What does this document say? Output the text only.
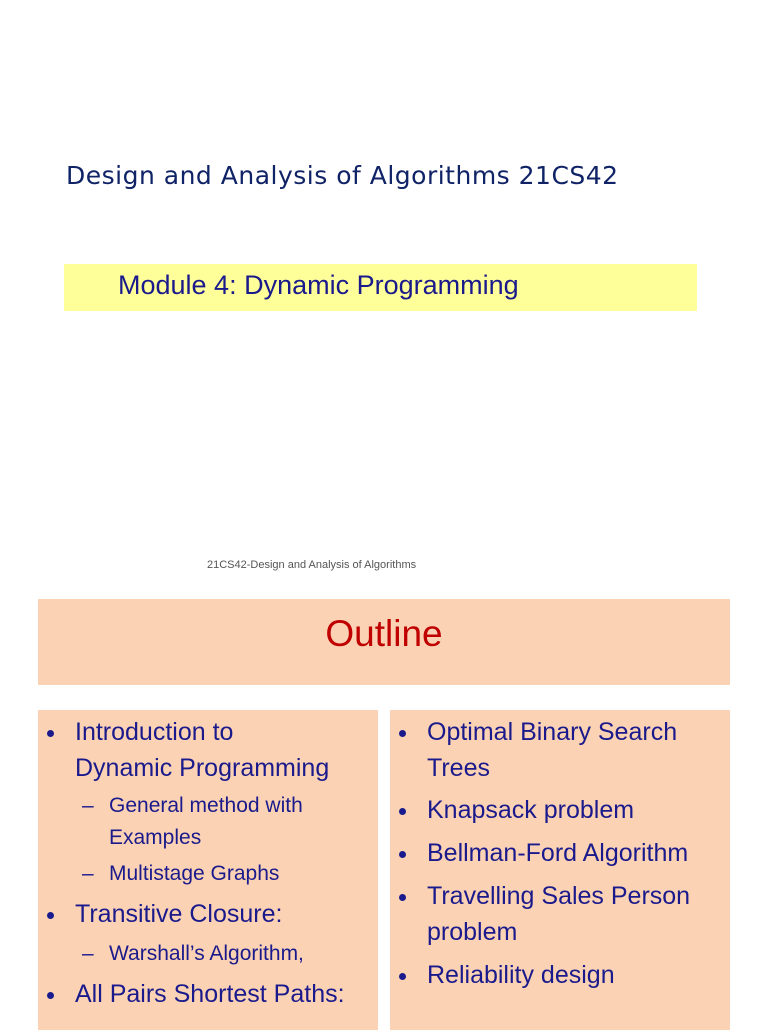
Design and Analysis of Algorithms 21CS42
Module 4: Dynamic Programming
21CS42-Design and Analysis of Algorithms
Outline
Introduction to
Dynamic Programming
– General method with
Examples
– Multistage Graphs
Transitive Closure:
– Warshall’s Algorithm,
All Pairs Shortest Paths:
Optimal Binary Search
Trees
Knapsack problem
Bellman-Ford Algorithm
Travelling Sales Person
problem
Reliability design
